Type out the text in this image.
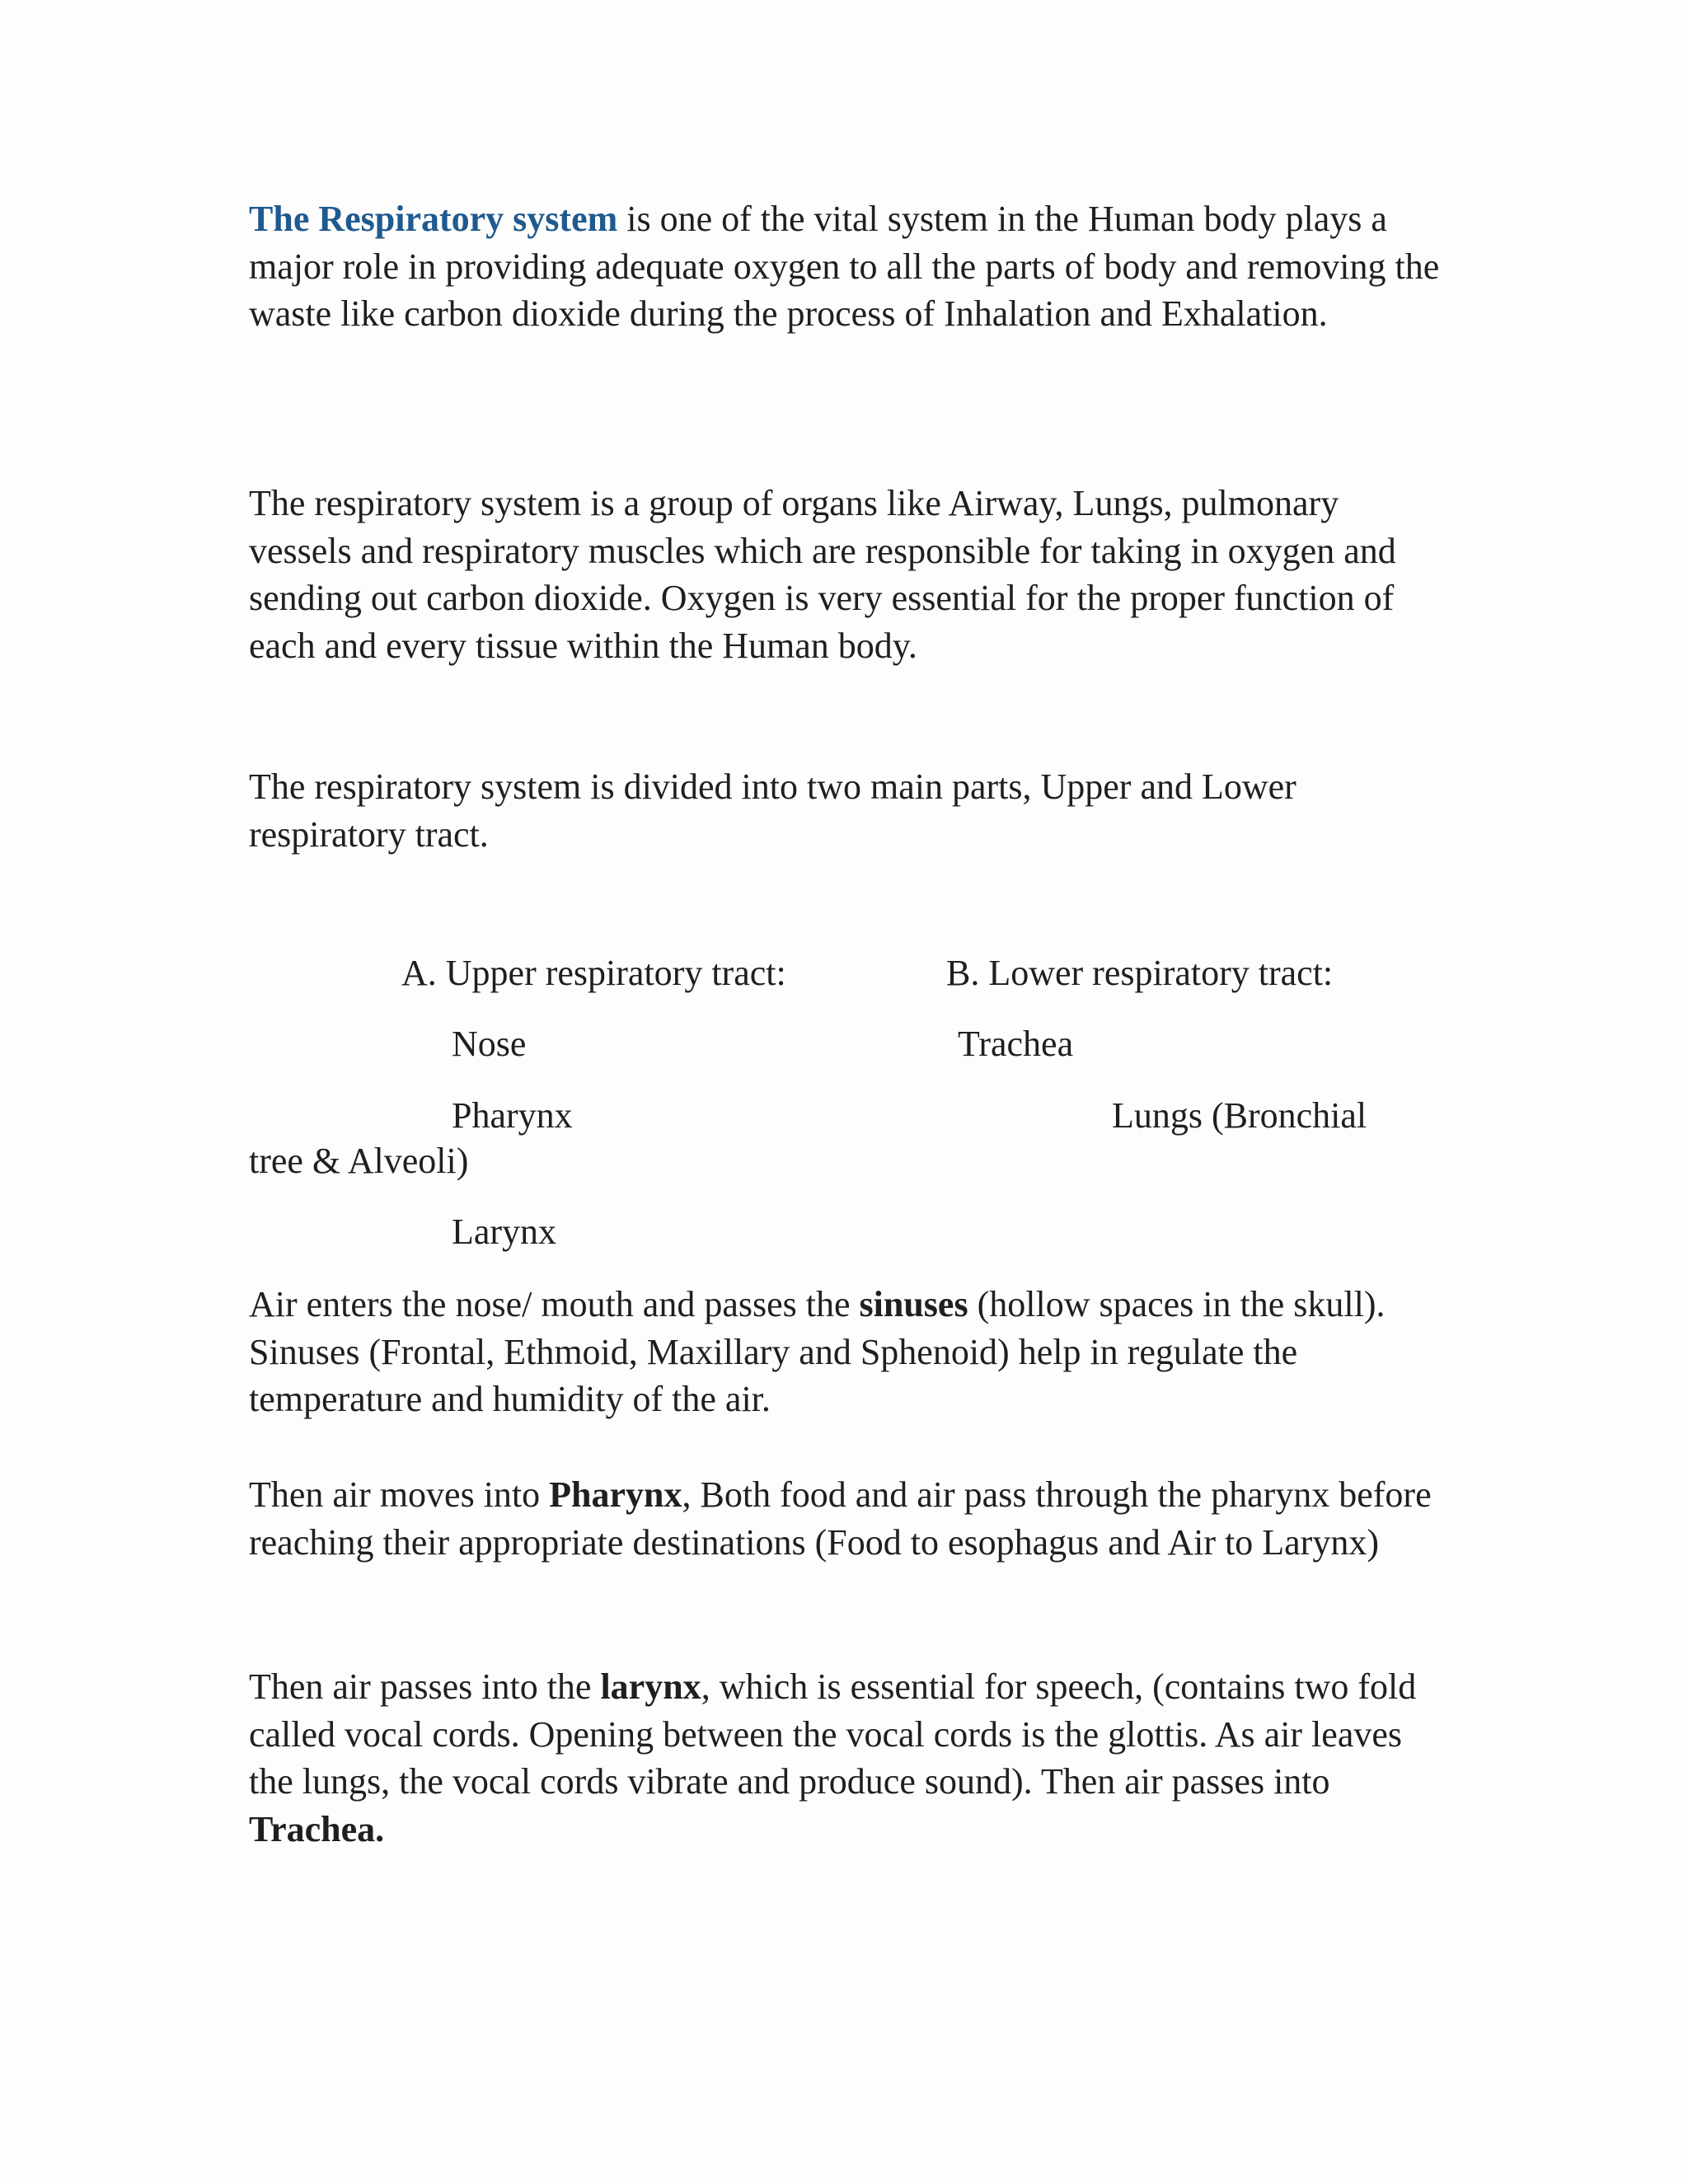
The Respiratory system is one of the vital system in the Human body plays a major role in providing adequate oxygen to all the parts of body and removing the waste like carbon dioxide during the process of Inhalation and Exhalation.

The respiratory system is a group of organs like Airway, Lungs, pulmonary vessels and respiratory muscles which are responsible for taking in oxygen and sending out carbon dioxide. Oxygen is very essential for the proper function of each and every tissue within the Human body.

The respiratory system is divided into two main parts, Upper and Lower respiratory tract.

A. Upper respiratory tract:	B. Lower respiratory tract:

Nose	Trachea

Pharynx	Lungs (Bronchial

tree & Alveoli)

Larynx

Air enters the nose/ mouth and passes the sinuses (hollow spaces in the skull). Sinuses (Frontal, Ethmoid, Maxillary and Sphenoid) help in regulate the temperature and humidity of the air.

Then air moves into Pharynx, Both food and air pass through the pharynx before reaching their appropriate destinations (Food to esophagus and Air to Larynx)

Then air passes into the larynx, which is essential for speech, (contains two fold called vocal cords. Opening between the vocal cords is the glottis. As air leaves the lungs, the vocal cords vibrate and produce sound). Then air passes into Trachea.
